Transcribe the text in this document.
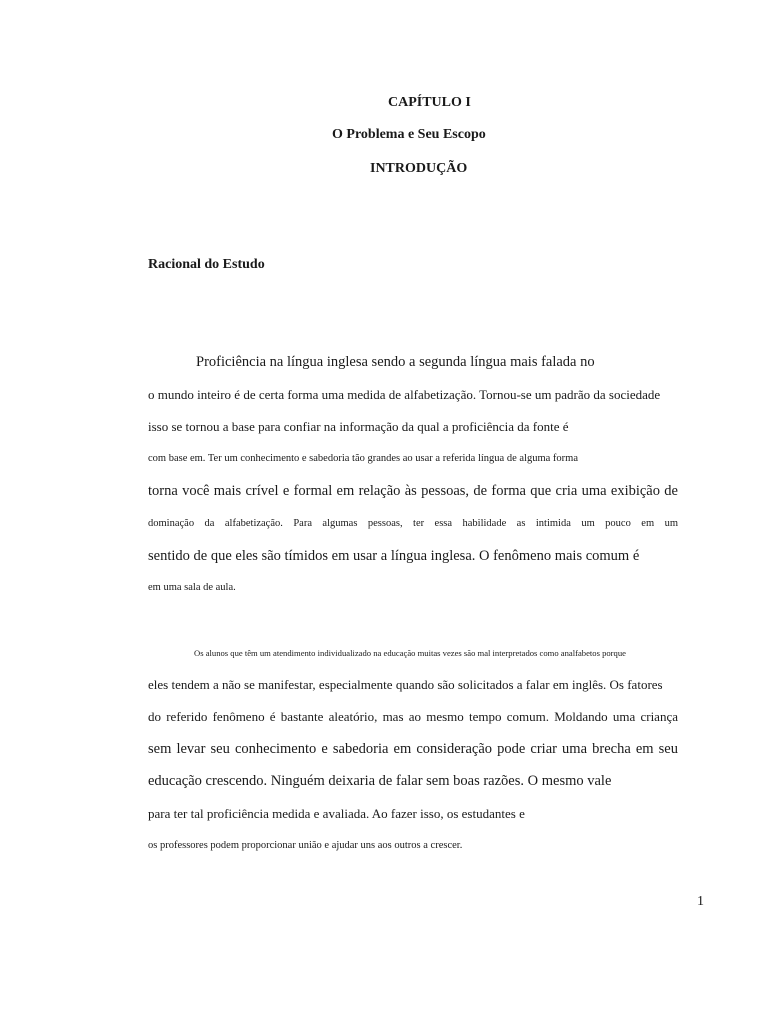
CAPÍTULO I
O Problema e Seu Escopo
INTRODUÇÃO
Racional do Estudo
Proficiência na língua inglesa sendo a segunda língua mais falada no
o mundo inteiro é de certa forma uma medida de alfabetização. Tornou-se um padrão da sociedade
isso se tornou a base para confiar na informação da qual a proficiência da fonte é
com base em. Ter um conhecimento e sabedoria tão grandes ao usar a referida língua de alguma forma
torna você mais crível e formal em relação às pessoas, de forma que cria uma exibição de
dominação da alfabetização. Para algumas pessoas, ter essa habilidade as intimida um pouco em um
sentido de que eles são tímidos em usar a língua inglesa. O fenômeno mais comum é
em uma sala de aula.
Os alunos que têm um atendimento individualizado na educação muitas vezes são mal interpretados como analfabetos porque
eles tendem a não se manifestar, especialmente quando são solicitados a falar em inglês. Os fatores
do referido fenômeno é bastante aleatório, mas ao mesmo tempo comum. Moldando uma criança
sem levar seu conhecimento e sabedoria em consideração pode criar uma brecha em seu
educação crescendo. Ninguém deixaria de falar sem boas razões. O mesmo vale
para ter tal proficiência medida e avaliada. Ao fazer isso, os estudantes e
os professores podem proporcionar união e ajudar uns aos outros a crescer.
1
